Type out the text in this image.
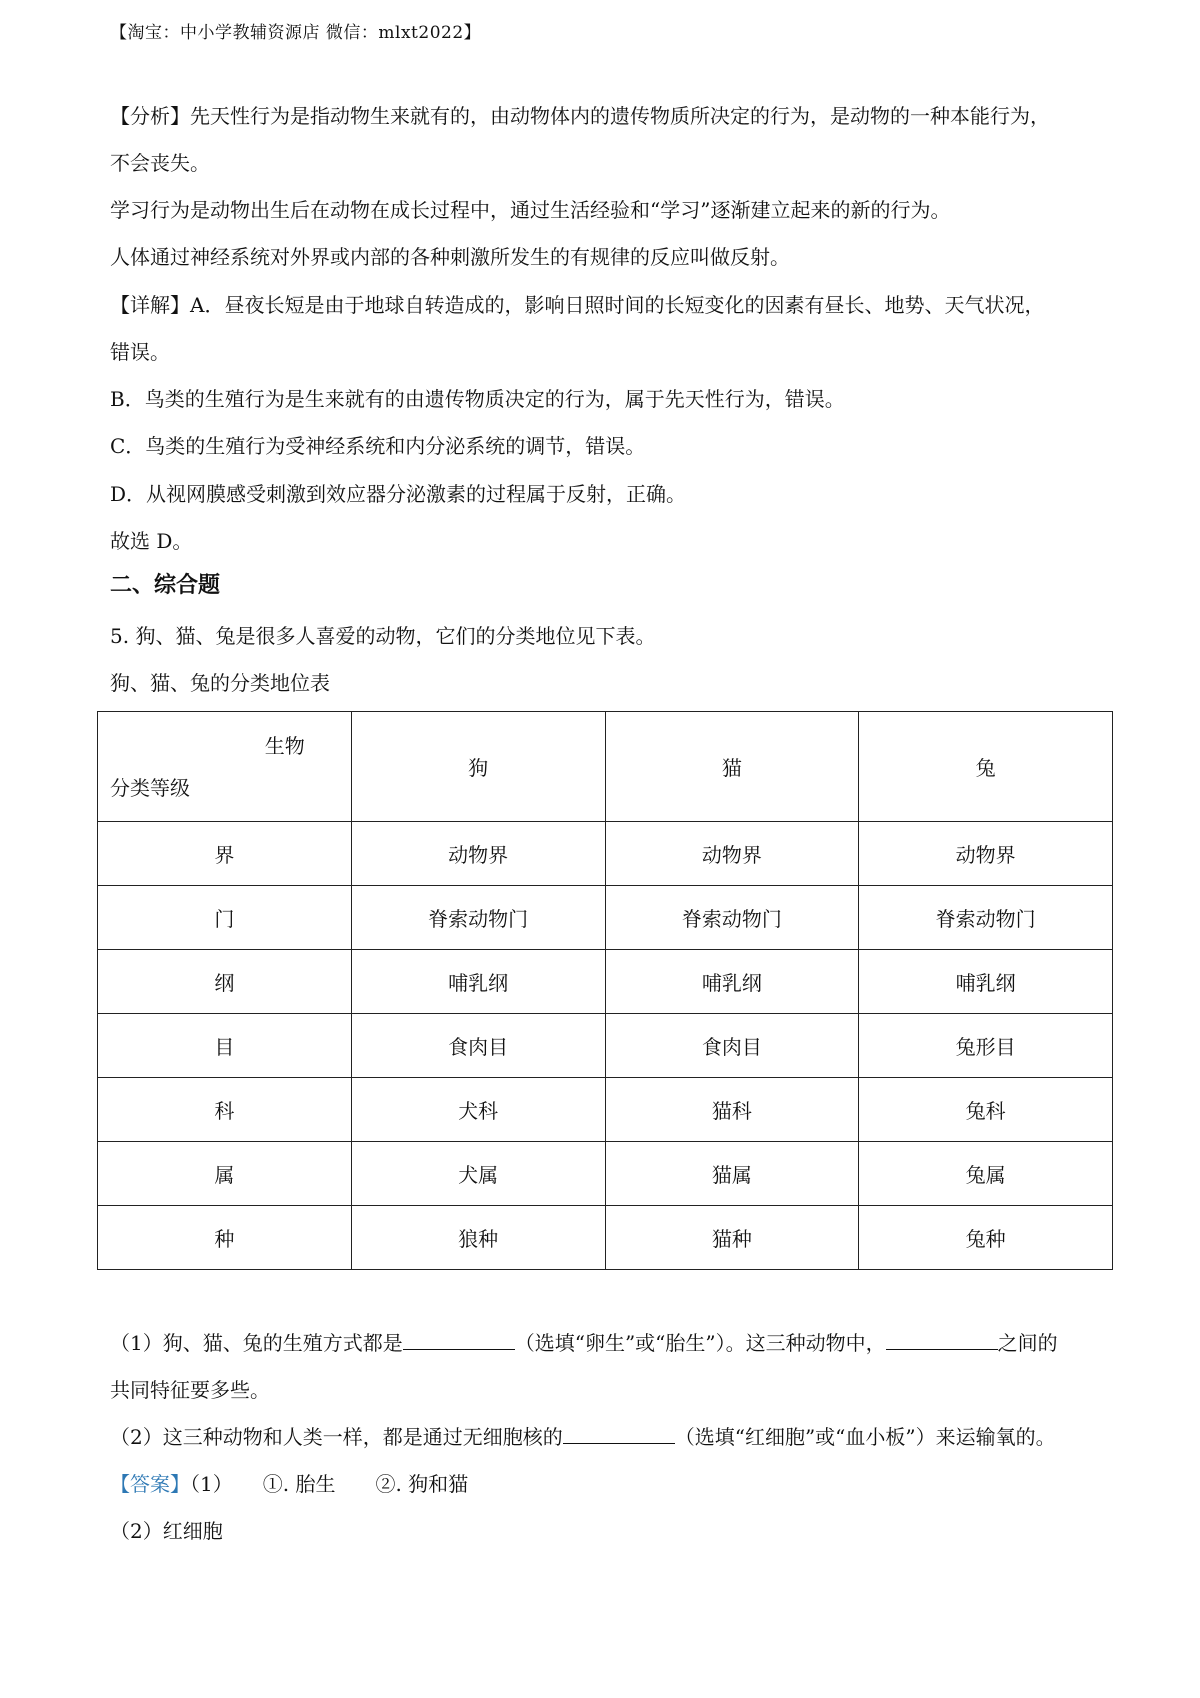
【淘宝：中小学教辅资源店 微信：mlxt2022】

【分析】先天性行为是指动物生来就有的，由动物体内的遗传物质所决定的行为，是动物的一种本能行为，

不会丧失。

学习行为是动物出生后在动物在成长过程中，通过生活经验和“学习”逐渐建立起来的新的行为。

人体通过神经系统对外界或内部的各种刺激所发生的有规律的反应叫做反射。

【详解】A．昼夜长短是由于地球自转造成的，影响日照时间的长短变化的因素有昼长、地势、天气状况，

错误。

B．鸟类的生殖行为是生来就有的由遗传物质决定的行为，属于先天性行为，错误。

C．鸟类的生殖行为受神经系统和内分泌系统的调节，错误。

D．从视网膜感受刺激到效应器分泌激素的过程属于反射，正确。

故选 D。

二、综合题

5. 狗、猫、兔是很多人喜爱的动物，它们的分类地位见下表。

狗、猫、兔的分类地位表

生物
分类等级	狗	猫	兔
界	动物界	动物界	动物界
门	脊索动物门	脊索动物门	脊索动物门
纲	哺乳纲	哺乳纲	哺乳纲
目	食肉目	食肉目	兔形目
科	犬科	猫科	兔科
属	犬属	猫属	兔属
种	狼种	猫种	兔种

（1）狗、猫、兔的生殖方式都是	（选填“卵生”或“胎生”）。这三种动物中，	之间的

共同特征要多些。

（2）这三种动物和人类一样，都是通过无细胞核的	（选填“红细胞”或“血小板”）来运输氧的。

【答案】（1）　　①. 胎生　　②. 狗和猫

（2）红细胞
